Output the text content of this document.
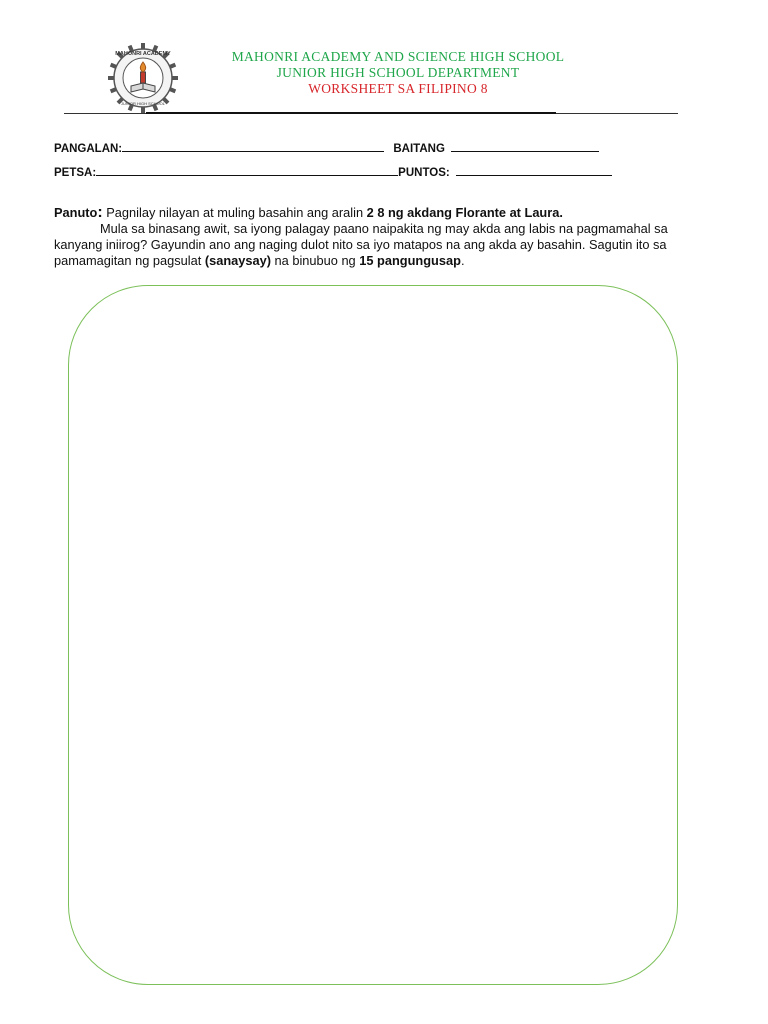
MAHONRI ACADEMY
JUNIOR HIGH SCHOOL
MAHONRI ACADEMY AND SCIENCE HIGH SCHOOL
JUNIOR HIGH SCHOOL DEPARTMENT
WORKSHEET SA FILIPINO 8
PANGALAN:	BAITANG
PETSA:	PUNTOS:

Panuto: Pagnilay nilayan at muling basahin ang aralin 2 8 ng akdang Florante at Laura.

Mula sa binasang awit, sa iyong palagay paano naipakita ng may akda ang labis na pagmamahal sa kanyang iniirog? Gayundin ano ang naging dulot nito sa iyo matapos na ang akda ay basahin. Sagutin ito sa pamamagitan ng pagsulat (sanaysay) na binubuo ng 15 pangungusap.
